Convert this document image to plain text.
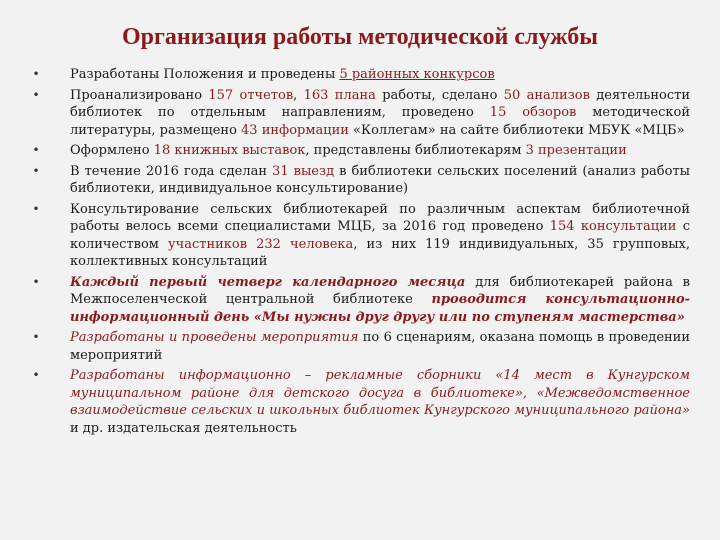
Организация работы методической службы
• Разработаны Положения и проведены 5 районных конкурсов
• Проанализировано 157 отчетов, 163 плана работы, сделано 50 анализов деятельности библиотек по отдельным направлениям, проведено 15 обзоров методической литературы, размещено 43 информации «Коллегам» на сайте библиотеки МБУК «МЦБ»
• Оформлено 18 книжных выставок, представлены библиотекарям 3 презентации
• В течение 2016 года сделан 31 выезд в библиотеки сельских поселений (анализ работы библиотеки, индивидуальное консультирование)
• Консультирование сельских библиотекарей по различным аспектам библиотечной работы велось всеми специалистами МЦБ, за 2016 год проведено 154 консультации с количеством участников 232 человека, из них 119 индивидуальных, 35 групповых, коллективных консультаций
• Каждый первый четверг календарного месяца для библиотекарей района в Межпоселенческой центральной библиотеке проводится консультационно-информационный день «Мы нужны друг другу или по ступеням мастерства»
• Разработаны и проведены мероприятия по 6 сценариям, оказана помощь в проведении мероприятий
• Разработаны информационно – рекламные сборники «14 мест в Кунгурском муниципальном районе для детского досуга в библиотеке», «Межведомственное взаимодействие сельских и школьных библиотек Кунгурского муниципального района» и др. издательская деятельность
